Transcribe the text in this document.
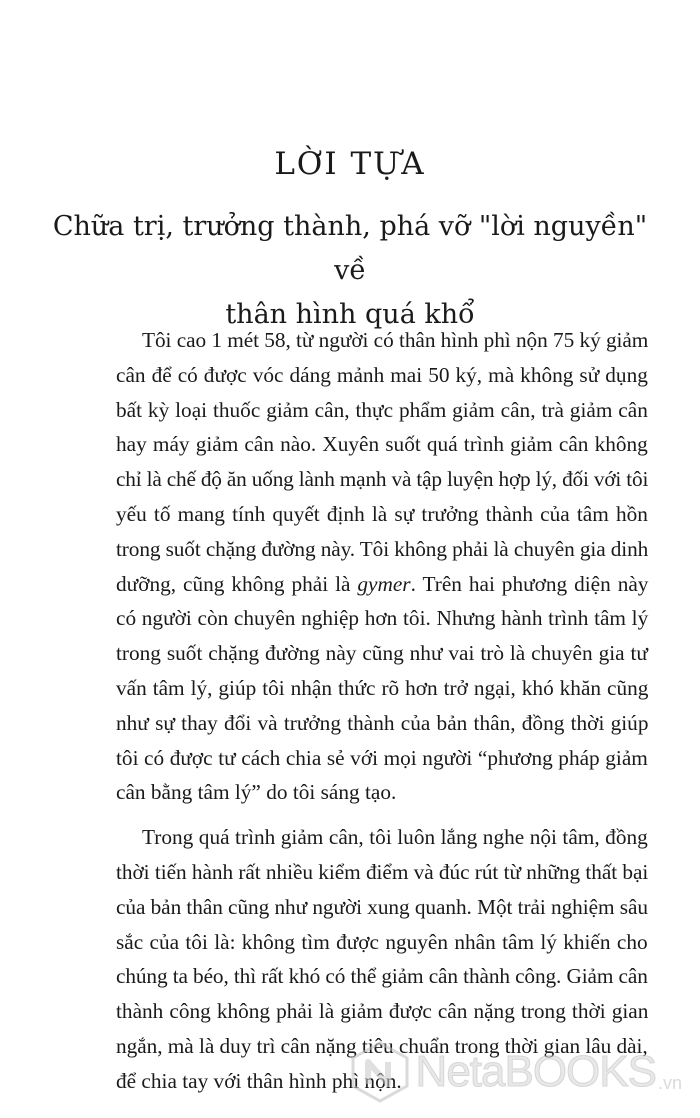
LỜI TỰA
Chữa trị, trưởng thành, phá vỡ "lời nguyền" về
thân hình quá khổ

Tôi cao 1 mét 58, từ người có thân hình phì nộn 75 ký giảm
cân để có được vóc dáng mảnh mai 50 ký, mà không sử dụng
bất kỳ loại thuốc giảm cân, thực phẩm giảm cân, trà giảm cân
hay máy giảm cân nào. Xuyên suốt quá trình giảm cân không
chỉ là chế độ ăn uống lành mạnh và tập luyện hợp lý, đối với tôi
yếu tố mang tính quyết định là sự trưởng thành của tâm hồn
trong suốt chặng đường này. Tôi không phải là chuyên gia dinh
dưỡng, cũng không phải là gymer. Trên hai phương diện này
có người còn chuyên nghiệp hơn tôi. Nhưng hành trình tâm lý
trong suốt chặng đường này cũng như vai trò là chuyên gia tư
vấn tâm lý, giúp tôi nhận thức rõ hơn trở ngại, khó khăn cũng
như sự thay đổi và trưởng thành của bản thân, đồng thời giúp
tôi có được tư cách chia sẻ với mọi người “phương pháp giảm
cân bằng tâm lý” do tôi sáng tạo.

Trong quá trình giảm cân, tôi luôn lắng nghe nội tâm, đồng
thời tiến hành rất nhiều kiểm điểm và đúc rút từ những thất bại
của bản thân cũng như người xung quanh. Một trải nghiệm sâu
sắc của tôi là: không tìm được nguyên nhân tâm lý khiến cho
chúng ta béo, thì rất khó có thể giảm cân thành công. Giảm cân
thành công không phải là giảm được cân nặng trong thời gian
ngắn, mà là duy trì cân nặng tiêu chuẩn trong thời gian lâu dài,
để chia tay với thân hình phì nộn. NetaBOOKS .vn
